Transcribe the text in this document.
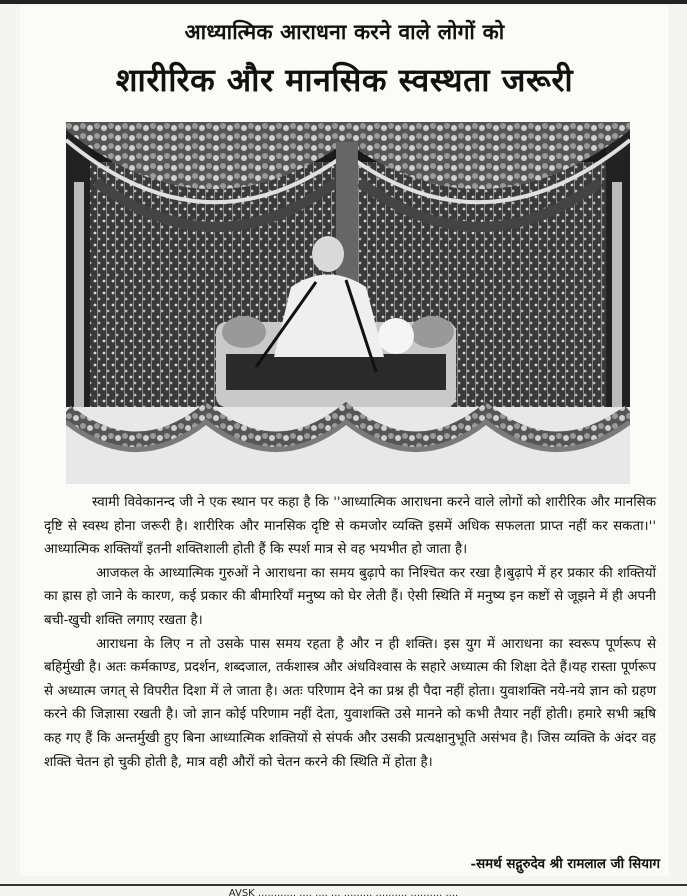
आध्यात्मिक आराधना करने वाले लोगों को
शारीरिक और मानसिक स्वस्थता जरूरी

स्वामी विवेकानन्द जी ने एक स्थान पर कहा है कि ''आध्यात्मिक आराधना करने वाले लोगों को शारीरिक और मानसिक दृष्टि से स्वस्थ होना जरूरी है। शारीरिक और मानसिक दृष्टि से कमजोर व्यक्ति इसमें अधिक सफलता प्राप्त नहीं कर सकता।'' आध्यात्मिक शक्तियाँ इतनी शक्तिशाली होती हैं कि स्पर्श मात्र से वह भयभीत हो जाता है।

आजकल के आध्यात्मिक गुरुओं ने आराधना का समय बुढ़ापे का निश्चित कर रखा है।बुढ़ापे में हर प्रकार की शक्तियों का ह्रास हो जाने के कारण, कई प्रकार की बीमारियाँ मनुष्य को घेर लेती हैं। ऐसी स्थिति में मनुष्य इन कष्टों से जूझने में ही अपनी बची-खुची शक्ति लगाए रखता है।

आराधना के लिए न तो उसके पास समय रहता है और न ही शक्ति। इस युग में आराधना का स्वरूप पूर्णरूप से बहिर्मुखी है। अतः कर्मकाण्ड, प्रदर्शन, शब्दजाल, तर्कशास्त्र और अंधविश्वास के सहारे अध्यात्म की शिक्षा देते हैं।यह रास्ता पूर्णरूप से अध्यात्म जगत् से विपरीत दिशा में ले जाता है। अतः परिणाम देने का प्रश्न ही पैदा नहीं होता। युवाशक्ति नये-नये ज्ञान को ग्रहण करने की जिज्ञासा रखती है। जो ज्ञान कोई परिणाम नहीं देता, युवाशक्ति उसे मानने को कभी तैयार नहीं होती। हमारे सभी ऋषि कह गए हैं कि अन्तर्मुखी हुए बिना आध्यात्मिक शक्तियों से संपर्क और उसकी प्रत्यक्षानुभूति असंभव है। जिस व्यक्ति के अंदर वह शक्ति चेतन हो चुकी होती है, मात्र वही औरों को चेतन करने की स्थिति में होता है।

-समर्थ सद्गुरुदेव श्री रामलाल जी सियाग
AVSK ............ .... .... ... ......... .......... .......... ....
